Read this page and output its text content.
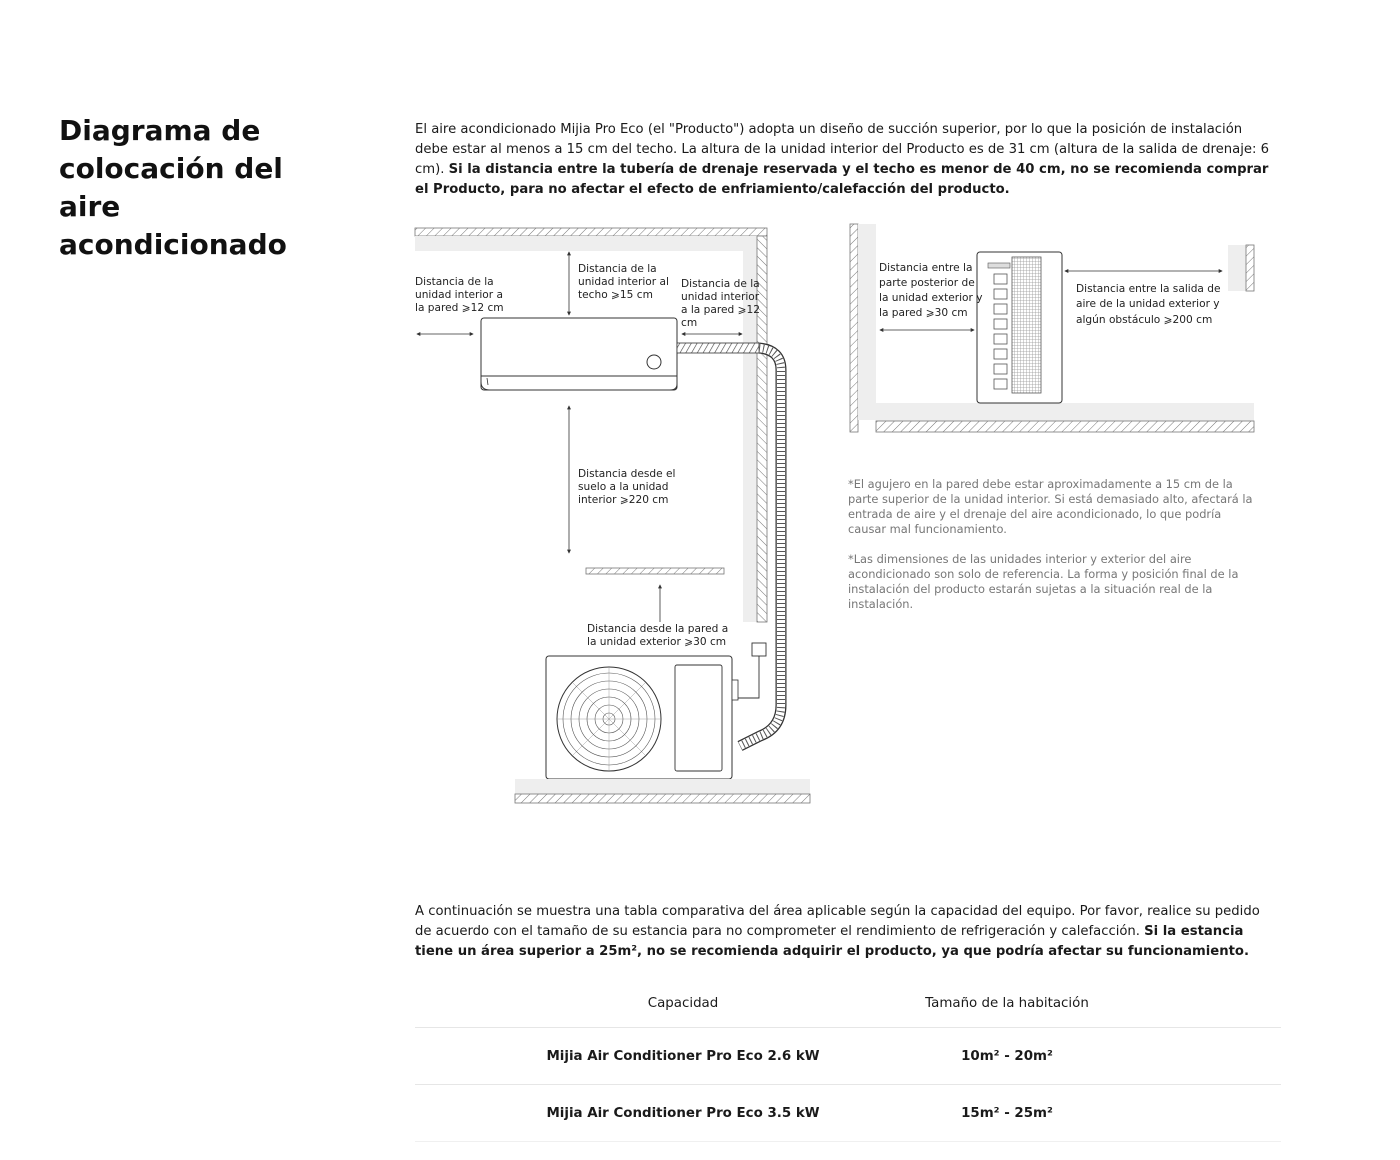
Diagrama de colocación del aire acondicionado

El aire acondicionado Mijia Pro Eco (el "Producto") adopta un diseño de succión superior, por lo que la posición de instalación debe estar al menos a 15 cm del techo. La altura de la unidad interior del Producto es de 31 cm (altura de la salida de drenaje: 6 cm). Si la distancia entre la tubería de drenaje reservada y el techo es menor de 40 cm, no se recomienda comprar el Producto, para no afectar el efecto de enfriamiento/calefacción del producto.

Distancia de la unidad interior a la pared ⩾12 cm
Distancia de la unidad interior al techo ⩾15 cm
Distancia de la unidad interior a la pared ⩾12 cm
Distancia desde el suelo a la unidad interior ⩾220 cm
Distancia desde la pared a la unidad exterior ⩾30 cm
Distancia entre la parte posterior de la unidad exterior y la pared ⩾30 cm
Distancia entre la salida de aire de la unidad exterior y algún obstáculo ⩾200 cm

*El agujero en la pared debe estar aproximadamente a 15 cm de la parte superior de la unidad interior. Si está demasiado alto, afectará la entrada de aire y el drenaje del aire acondicionado, lo que podría causar mal funcionamiento.

*Las dimensiones de las unidades interior y exterior del aire acondicionado son solo de referencia. La forma y posición final de la instalación del producto estarán sujetas a la situación real de la instalación.

A continuación se muestra una tabla comparativa del área aplicable según la capacidad del equipo. Por favor, realice su pedido de acuerdo con el tamaño de su estancia para no comprometer el rendimiento de refrigeración y calefacción. Si la estancia tiene un área superior a 25m², no se recomienda adquirir el producto, ya que podría afectar su funcionamiento.

Capacidad	Tamaño de la habitación
Mijia Air Conditioner Pro Eco 2.6 kW	10m² - 20m²
Mijia Air Conditioner Pro Eco 3.5 kW	15m² - 25m²
